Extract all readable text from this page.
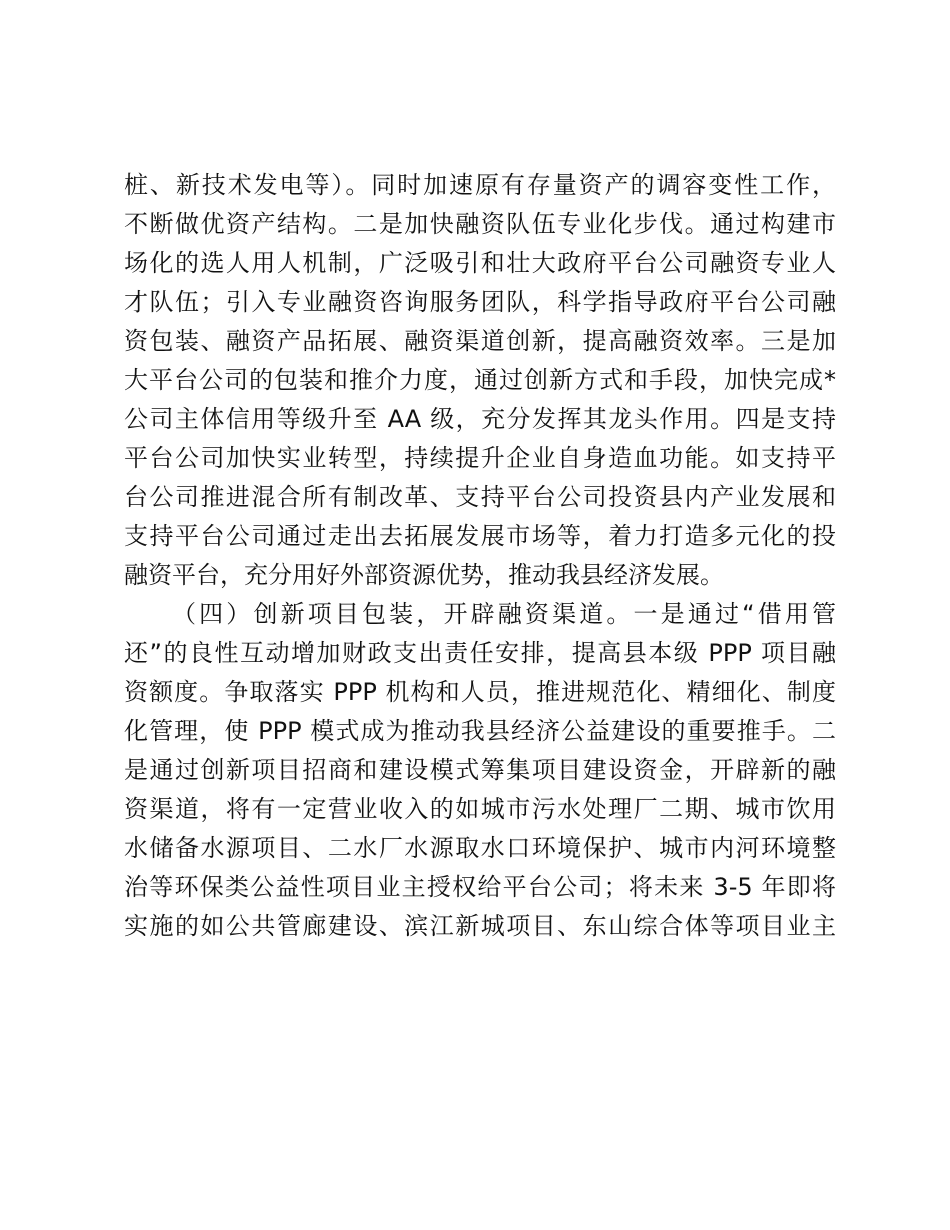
桩、新技术发电等）。同时加速原有存量资产的调容变性工作，
不断做优资产结构。二是加快融资队伍专业化步伐。通过构建市
场化的选人用人机制，广泛吸引和壮大政府平台公司融资专业人
才队伍；引入专业融资咨询服务团队，科学指导政府平台公司融
资包装、融资产品拓展、融资渠道创新，提高融资效率。三是加
大平台公司的包装和推介力度，通过创新方式和手段，加快完成*
公司主体信用等级升至 AA 级，充分发挥其龙头作用。四是支持
平台公司加快实业转型，持续提升企业自身造血功能。如支持平
台公司推进混合所有制改革、支持平台公司投资县内产业发展和
支持平台公司通过走出去拓展发展市场等，着力打造多元化的投
融资平台，充分用好外部资源优势，推动我县经济发展。
（四）创新项目包装，开辟融资渠道。一是通过“借用管
还”的良性互动增加财政支出责任安排，提高县本级 PPP 项目融
资额度。争取落实 PPP 机构和人员，推进规范化、精细化、制度
化管理，使 PPP 模式成为推动我县经济公益建设的重要推手。二
是通过创新项目招商和建设模式筹集项目建设资金，开辟新的融
资渠道，将有一定营业收入的如城市污水处理厂二期、城市饮用
水储备水源项目、二水厂水源取水口环境保护、城市内河环境整
治等环保类公益性项目业主授权给平台公司；将未来 3-5 年即将
实施的如公共管廊建设、滨江新城项目、东山综合体等项目业主
